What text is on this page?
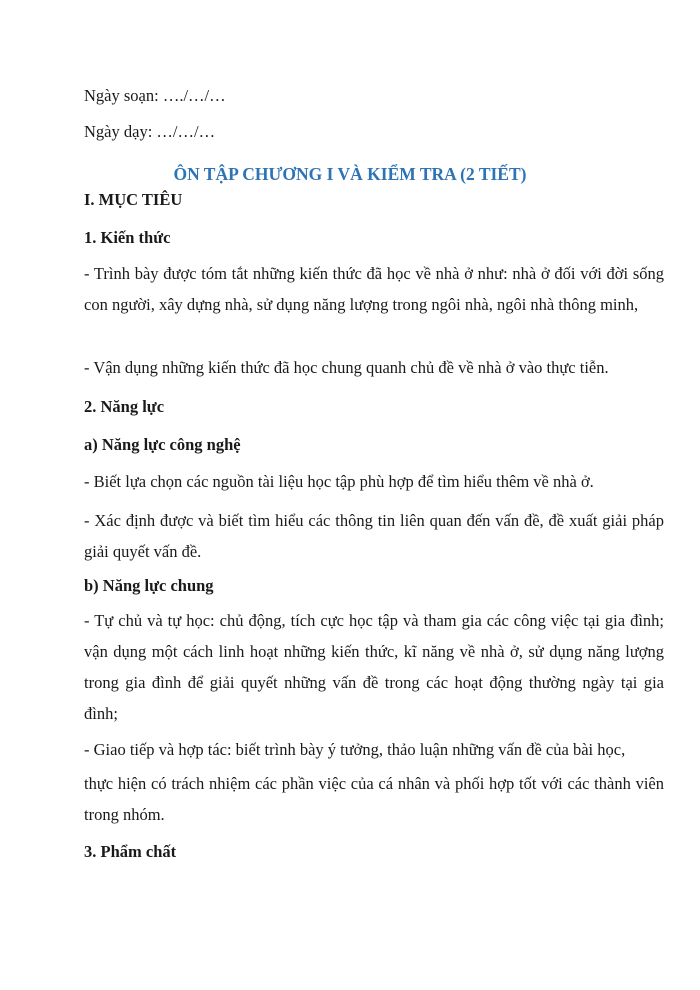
Ngày soạn: …./…/…
Ngày dạy: …/…/…
ÔN TẬP CHƯƠNG I VÀ KIỂM TRA (2 TIẾT)
I. MỤC TIÊU
1. Kiến thức
- Trình bày được tóm tắt những kiến thức đã học về nhà ở như: nhà ở đối với đời sống con người, xây dựng nhà, sử dụng năng lượng trong ngôi nhà, ngôi nhà thông minh,
- Vận dụng những kiến thức đã học chung quanh chủ đề về nhà ở vào thực tiễn.
2. Năng lực
a) Năng lực công nghệ
- Biết lựa chọn các nguồn tài liệu học tập phù hợp để tìm hiểu thêm về nhà ở.
- Xác định được và biết tìm hiểu các thông tin liên quan đến vấn đề, đề xuất giải pháp giải quyết vấn đề.
b) Năng lực chung
- Tự chủ và tự học: chủ động, tích cực học tập và tham gia các công việc tại gia đình; vận dụng một cách linh hoạt những kiến thức, kĩ năng về nhà ở, sử dụng năng lượng trong gia đình để giải quyết những vấn đề trong các hoạt động thường ngày tại gia đình;
- Giao tiếp và hợp tác: biết trình bày ý tưởng, thảo luận những vấn đề của bài học,
thực hiện có trách nhiệm các phần việc của cá nhân và phối hợp tốt với các thành viên trong nhóm.
3. Phẩm chất
